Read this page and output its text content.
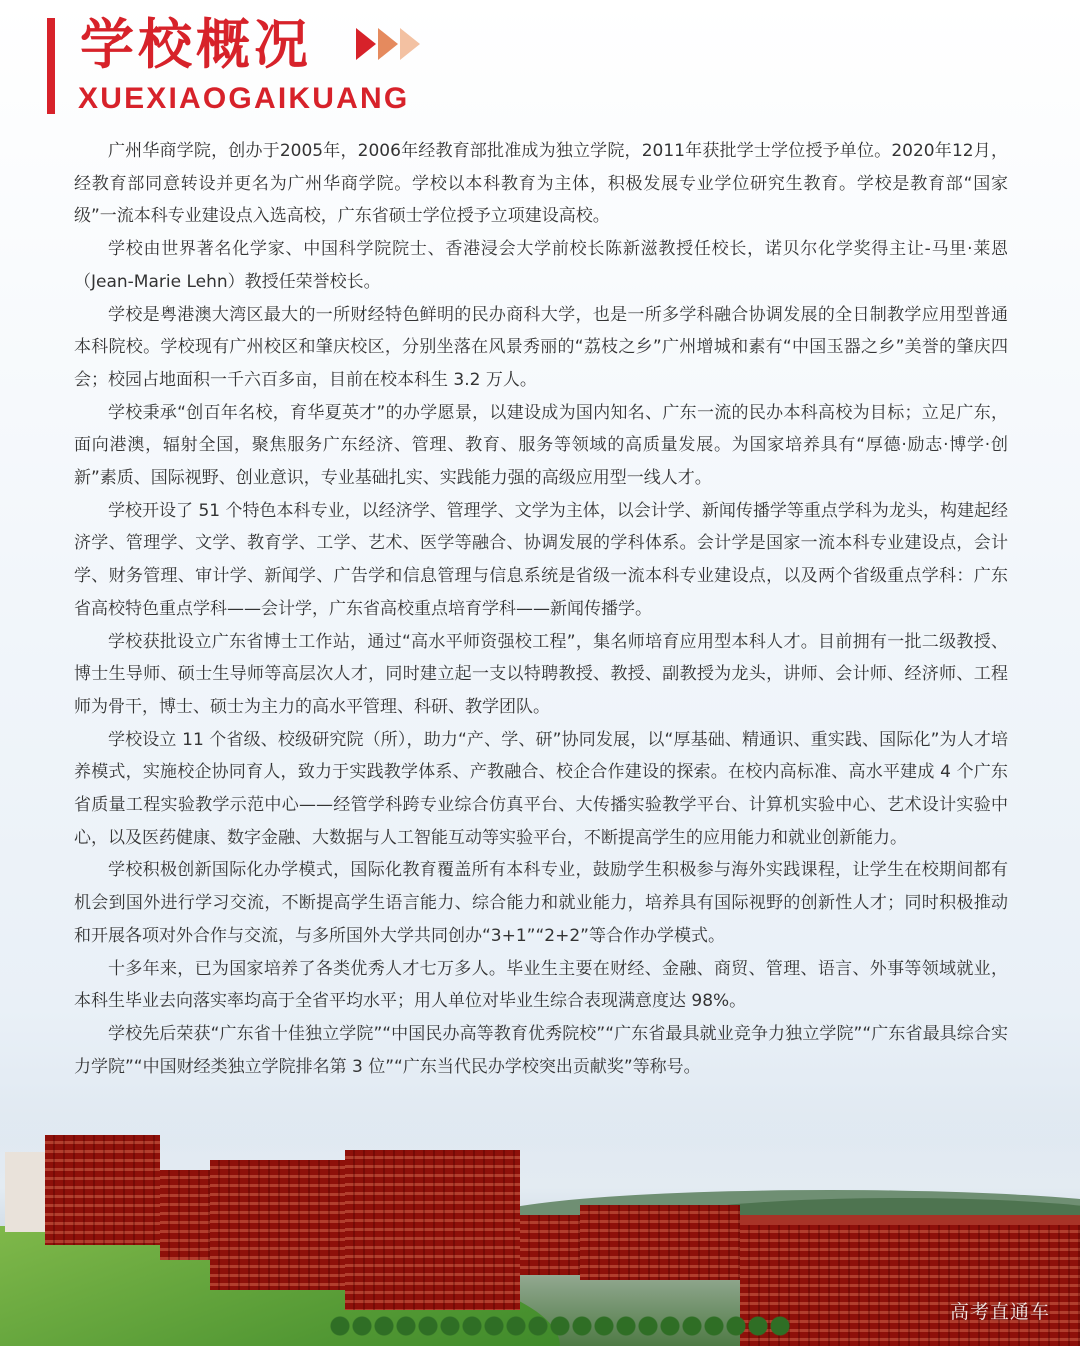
学校概况
XUEXIAOGAIKUANG

广州华商学院，创办于2005年，2006年经教育部批准成为独立学院，2011年获批学士学位授予单位。2020年12月，经教育部同意转设并更名为广州华商学院。学校以本科教育为主体，积极发展专业学位研究生教育。学校是教育部“国家级”一流本科专业建设点入选高校，广东省硕士学位授予立项建设高校。

学校由世界著名化学家、中国科学院院士、香港浸会大学前校长陈新滋教授任校长，诺贝尔化学奖得主让-马里·莱恩（Jean-Marie Lehn）教授任荣誉校长。

学校是粤港澳大湾区最大的一所财经特色鲜明的民办商科大学，也是一所多学科融合协调发展的全日制教学应用型普通本科院校。学校现有广州校区和肇庆校区，分别坐落在风景秀丽的“荔枝之乡”广州增城和素有“中国玉器之乡”美誉的肇庆四会；校园占地面积一千六百多亩，目前在校本科生 3.2 万人。

学校秉承“创百年名校，育华夏英才”的办学愿景，以建设成为国内知名、广东一流的民办本科高校为目标；立足广东，面向港澳，辐射全国，聚焦服务广东经济、管理、教育、服务等领域的高质量发展。为国家培养具有“厚德·励志·博学·创新”素质、国际视野、创业意识，专业基础扎实、实践能力强的高级应用型一线人才。

学校开设了 51 个特色本科专业，以经济学、管理学、文学为主体，以会计学、新闻传播学等重点学科为龙头，构建起经济学、管理学、文学、教育学、工学、艺术、医学等融合、协调发展的学科体系。会计学是国家一流本科专业建设点，会计学、财务管理、审计学、新闻学、广告学和信息管理与信息系统是省级一流本科专业建设点，以及两个省级重点学科：广东省高校特色重点学科——会计学，广东省高校重点培育学科——新闻传播学。

学校获批设立广东省博士工作站，通过“高水平师资强校工程”，集名师培育应用型本科人才。目前拥有一批二级教授、博士生导师、硕士生导师等高层次人才，同时建立起一支以特聘教授、教授、副教授为龙头，讲师、会计师、经济师、工程师为骨干，博士、硕士为主力的高水平管理、科研、教学团队。

学校设立 11 个省级、校级研究院（所），助力“产、学、研”协同发展，以“厚基础、精通识、重实践、国际化”为人才培养模式，实施校企协同育人，致力于实践教学体系、产教融合、校企合作建设的探索。在校内高标准、高水平建成 4 个广东省质量工程实验教学示范中心——经管学科跨专业综合仿真平台、大传播实验教学平台、计算机实验中心、艺术设计实验中心，以及医药健康、数字金融、大数据与人工智能互动等实验平台，不断提高学生的应用能力和就业创新能力。

学校积极创新国际化办学模式，国际化教育覆盖所有本科专业，鼓励学生积极参与海外实践课程，让学生在校期间都有机会到国外进行学习交流，不断提高学生语言能力、综合能力和就业能力，培养具有国际视野的创新性人才；同时积极推动和开展各项对外合作与交流，与多所国外大学共同创办“3+1”“2+2”等合作办学模式。

十多年来，已为国家培养了各类优秀人才七万多人。毕业生主要在财经、金融、商贸、管理、语言、外事等领域就业，本科生毕业去向落实率均高于全省平均水平；用人单位对毕业生综合表现满意度达 98%。

学校先后荣获“广东省十佳独立学院”“中国民办高等教育优秀院校”“广东省最具就业竞争力独立学院”“广东省最具综合实力学院”“中国财经类独立学院排名第 3 位”“广东当代民办学校突出贡献奖”等称号。

高考直通车
